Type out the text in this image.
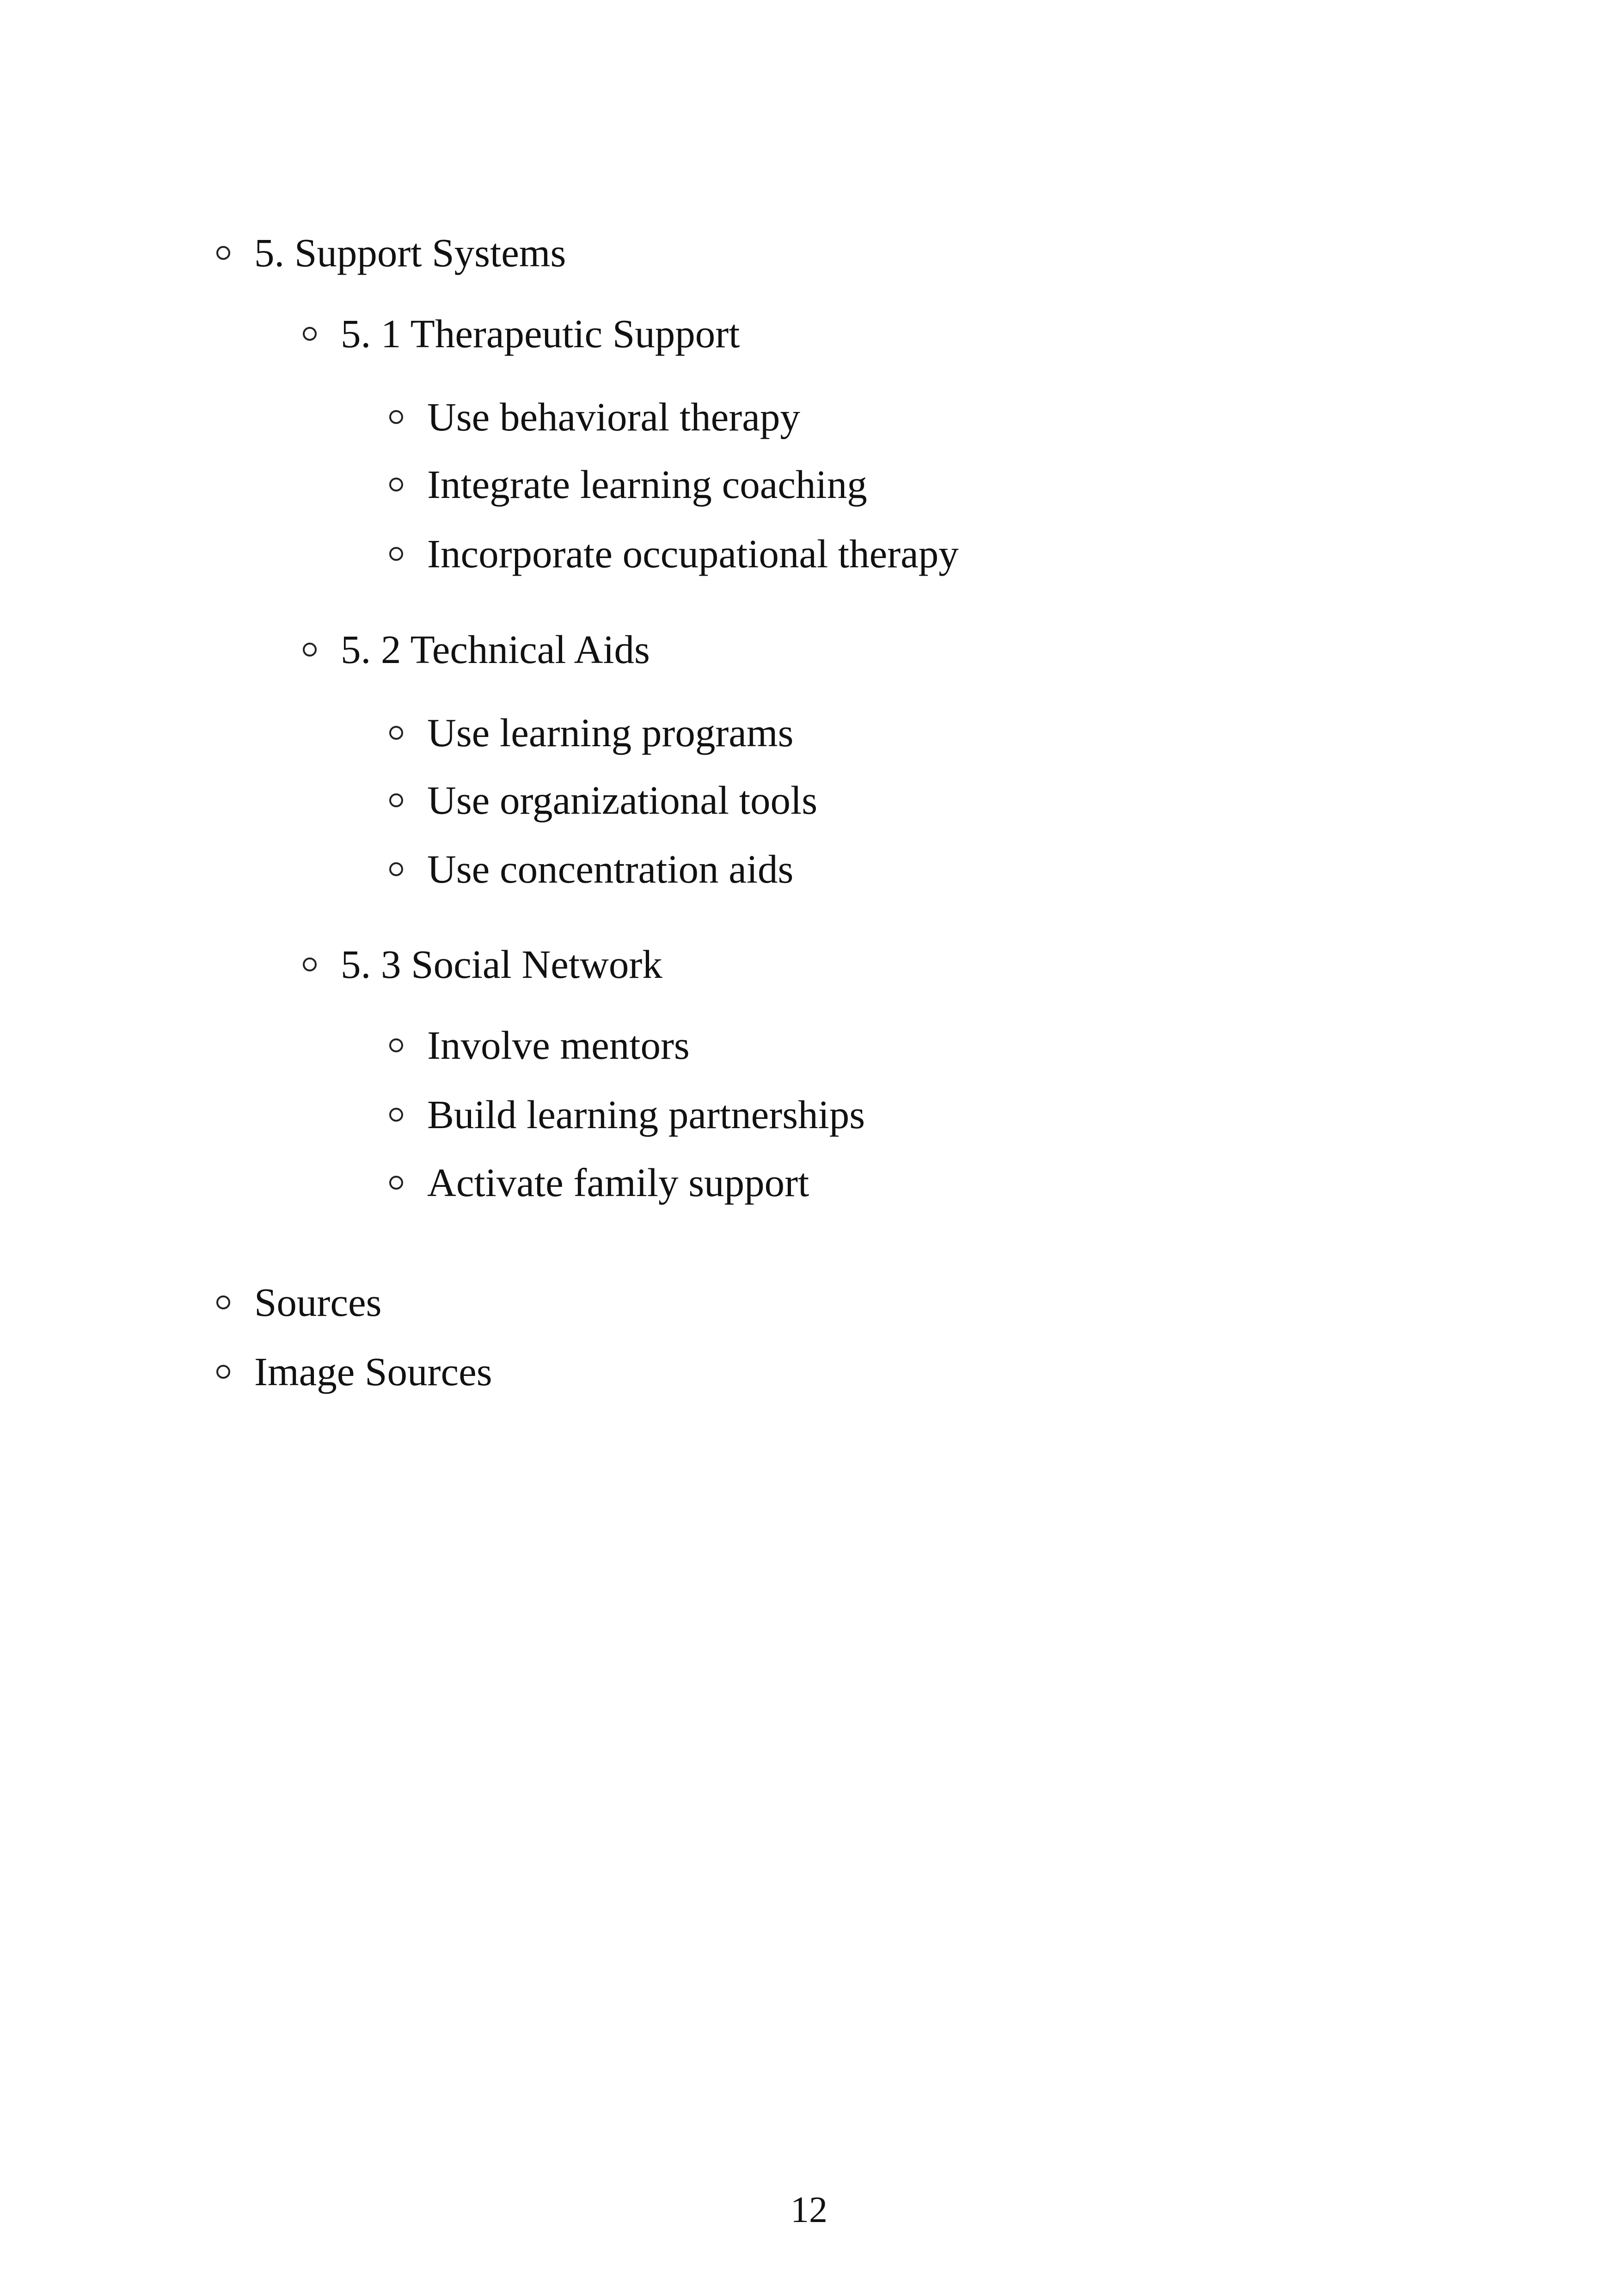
5. Support Systems
5. 1 Therapeutic Support
Use behavioral therapy
Integrate learning coaching
Incorporate occupational therapy
5. 2 Technical Aids
Use learning programs
Use organizational tools
Use concentration aids
5. 3 Social Network
Involve mentors
Build learning partnerships
Activate family support
Sources
Image Sources
12
